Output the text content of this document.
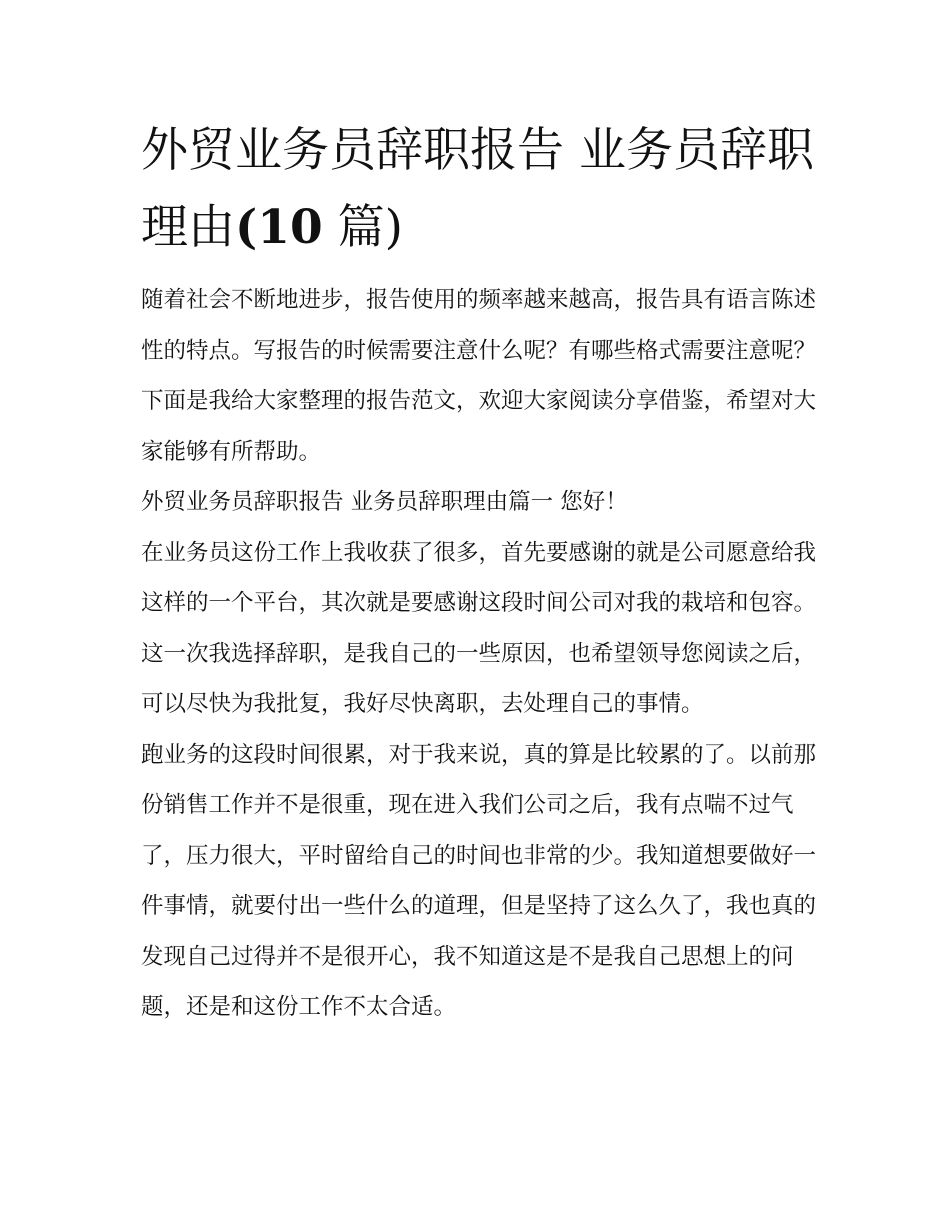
外贸业务员辞职报告 业务员辞职理由(10 篇)

随着社会不断地进步，报告使用的频率越来越高，报告具有语言陈述性的特点。写报告的时候需要注意什么呢？有哪些格式需要注意呢？下面是我给大家整理的报告范文，欢迎大家阅读分享借鉴，希望对大家能够有所帮助。

外贸业务员辞职报告 业务员辞职理由篇一 您好！

在业务员这份工作上我收获了很多，首先要感谢的就是公司愿意给我这样的一个平台，其次就是要感谢这段时间公司对我的栽培和包容。这一次我选择辞职，是我自己的一些原因，也希望领导您阅读之后，可以尽快为我批复，我好尽快离职，去处理自己的事情。

跑业务的这段时间很累，对于我来说，真的算是比较累的了。以前那份销售工作并不是很重，现在进入我们公司之后，我有点喘不过气了，压力很大，平时留给自己的时间也非常的少。我知道想要做好一件事情，就要付出一些什么的道理，但是坚持了这么久了，我也真的发现自己过得并不是很开心，我不知道这是不是我自己思想上的问题，还是和这份工作不太合适。
